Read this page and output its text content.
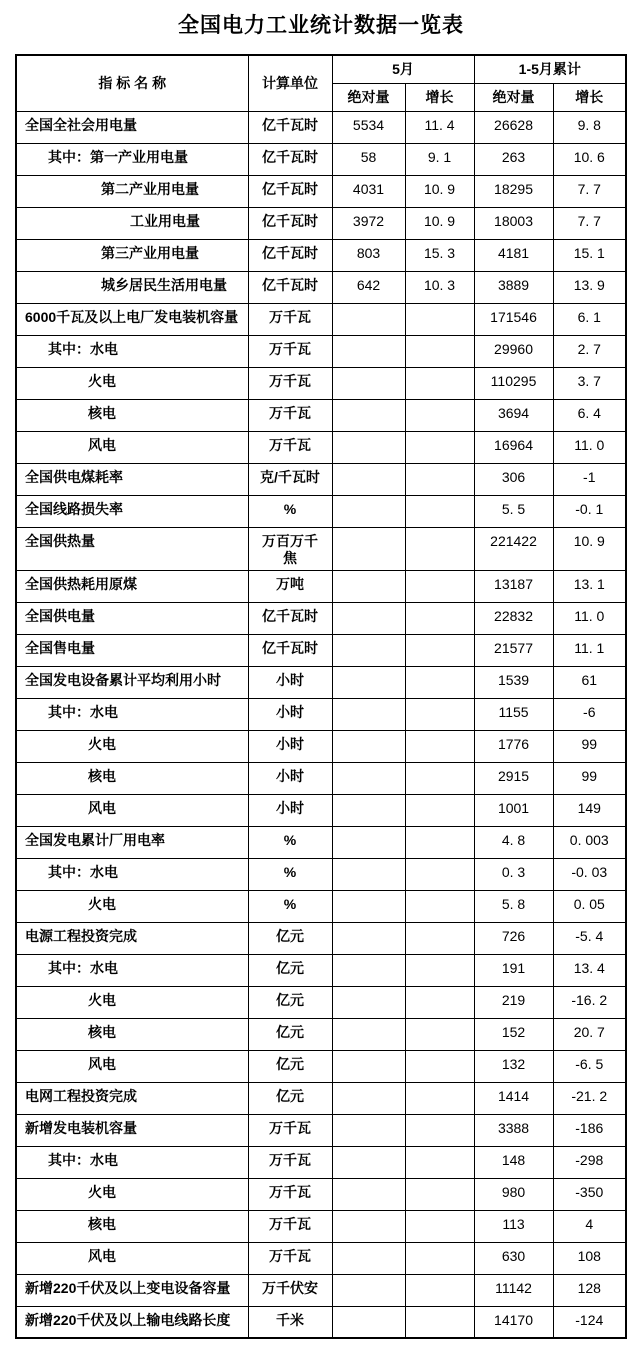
全国电力工业统计数据一览表
指 标 名 称	计算单位	5月		1-5月累计	
		绝对量	增长	绝对量	增长
全国全社会用电量	亿千瓦时	5534	11. 4	26628	9. 8
其中：第一产业用电量	亿千瓦时	58	9. 1	263	10. 6
第二产业用电量	亿千瓦时	4031	10. 9	18295	7. 7
工业用电量	亿千瓦时	3972	10. 9	18003	7. 7
第三产业用电量	亿千瓦时	803	15. 3	4181	15. 1
城乡居民生活用电量	亿千瓦时	642	10. 3	3889	13. 9
6000千瓦及以上电厂发电装机容量	万千瓦			171546	6. 1
其中：水电	万千瓦			29960	2. 7
火电	万千瓦			110295	3. 7
核电	万千瓦			3694	6. 4
风电	万千瓦			16964	11. 0
全国供电煤耗率	克/千瓦时			306	-1
全国线路损失率	%			5. 5	-0. 1
全国供热量	万百万千焦			221422	10. 9
全国供热耗用原煤	万吨			13187	13. 1
全国供电量	亿千瓦时			22832	11. 0
全国售电量	亿千瓦时			21577	11. 1
全国发电设备累计平均利用小时	小时			1539	61
其中：水电	小时			1155	-6
火电	小时			1776	99
核电	小时			2915	99
风电	小时			1001	149
全国发电累计厂用电率	%			4. 8	0. 003
其中：水电	%			0. 3	-0. 03
火电	%			5. 8	0. 05
电源工程投资完成	亿元			726	-5. 4
其中：水电	亿元			191	13. 4
火电	亿元			219	-16. 2
核电	亿元			152	20. 7
风电	亿元			132	-6. 5
电网工程投资完成	亿元			1414	-21. 2
新增发电装机容量	万千瓦			3388	-186
其中：水电	万千瓦			148	-298
火电	万千瓦			980	-350
核电	万千瓦			113	4
风电	万千瓦			630	108
新增220千伏及以上变电设备容量	万千伏安			11142	128
新增220千伏及以上输电线路长度	千米			14170	-124
